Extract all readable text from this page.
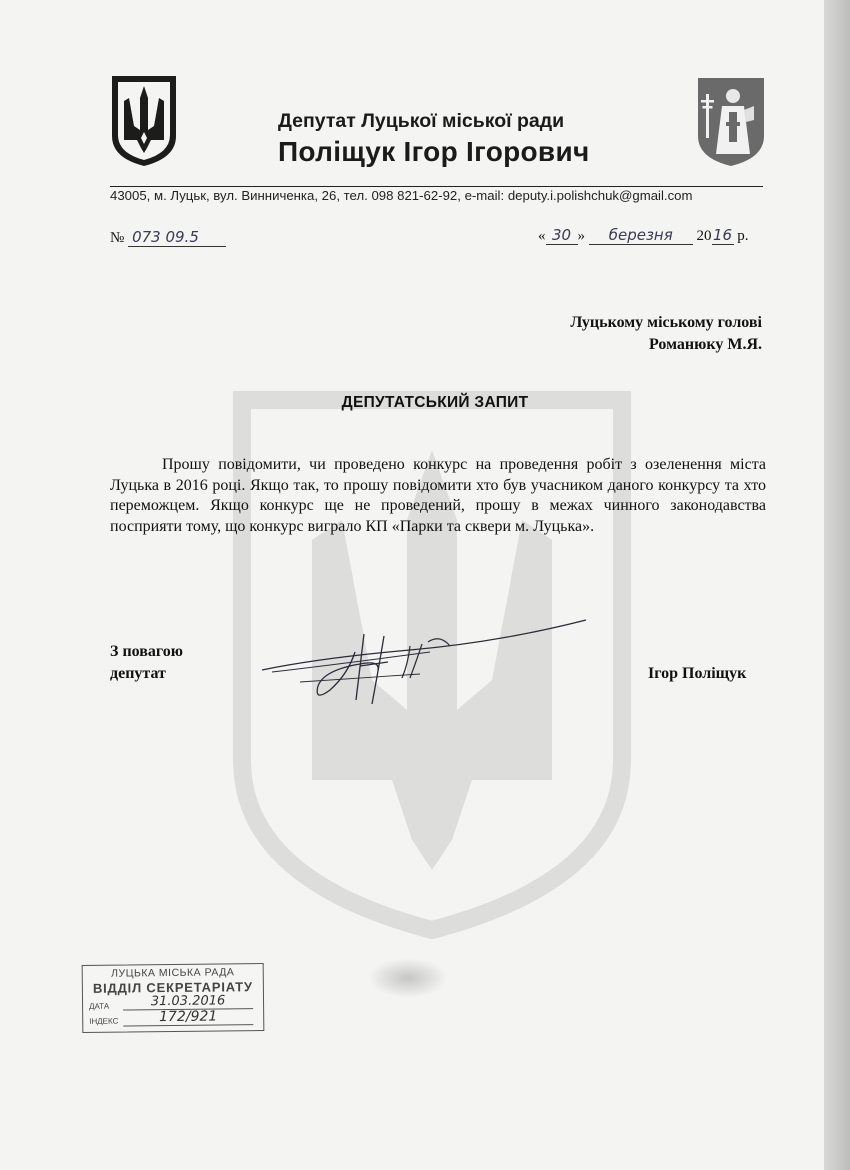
Депутат Луцької міської ради
Поліщук Ігор Ігорович
43005, м. Луцьк, вул. Винниченка, 26, тел. 098 821-62-92, e-mail: deputy.i.polishchuk@gmail.com
№ 073 09.5	« 30 » березня 2016 р.
Луцькому міському голові
Романюку М.Я.
ДЕПУТАТСЬКИЙ ЗАПИТ

Прошу повідомити, чи проведено конкурс на проведення робіт з озеленення міста Луцька в 2016 році. Якщо так, то прошу повідомити хто був учасником даного конкурсу та хто переможцем. Якщо конкурс ще не проведений, прошу в межах чинного законодавства посприяти тому, що конкурс виграло КП «Парки та сквери м. Луцька».

З повагою
депутат	Ігор Поліщук
ЛУЦЬКА МІСЬКА РАДА
ВІДДІЛ СЕКРЕТАРІАТУ
ДАТА	31.03.2016
ІНДЕКС	172/921
